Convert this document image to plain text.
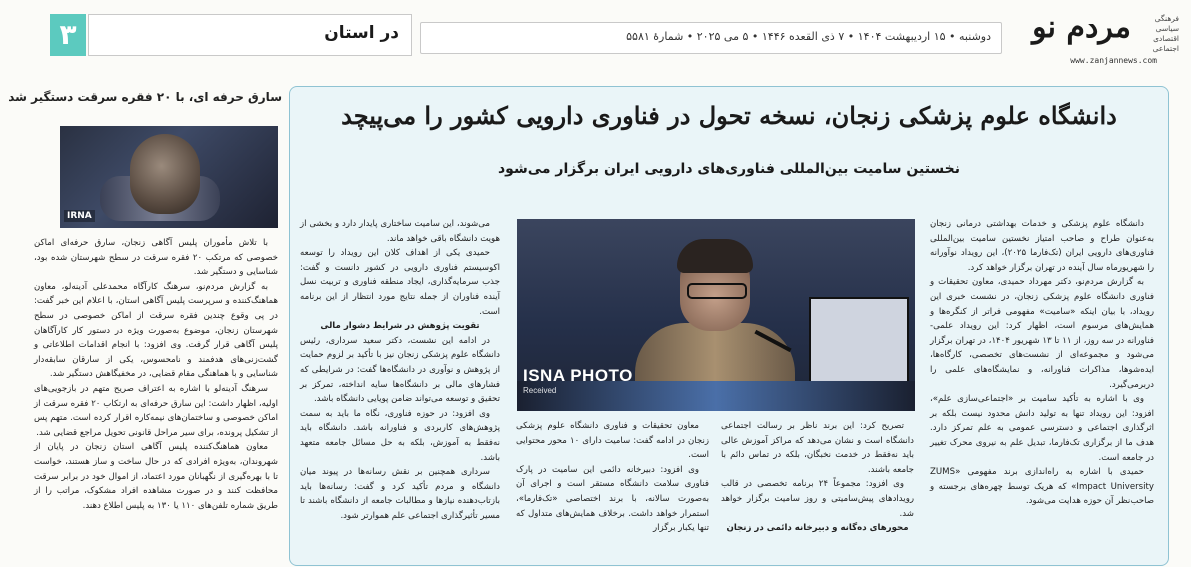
مردم نو	فرهنگی
سیاسی
اقتصادی
اجتماعی
www.zanjannews.com
دوشنبه • ۱۵ اردیبهشت ۱۴۰۴ • ۷ ذی القعده ۱۴۴۶ • ۵ می ۲۰۲۵ • شمارهٔ ۵۵۸۱
در استان
۳
سارق حرفه ای، با ۲۰ فقره سرقت دستگیر شد
IRNA

با تلاش مأموران پلیس آگاهی زنجان، سارق حرفه‌ای اماکن خصوصی که مرتکب ۲۰ فقره سرقت در سطح شهرستان شده بود، شناسایی و دستگیر شد.

به گزارش مردم‌نو، سرهنگ کارآگاه محمدعلی آدینه‌لو، معاون هماهنگ‌کننده و سرپرست پلیس آگاهی استان، با اعلام این خبر گفت: در پی وقوع چندین فقره سرقت از اماکن خصوصی در سطح شهرستان زنجان، موضوع به‌صورت ویژه در دستور کار کارآگاهان پلیس آگاهی قرار گرفت. وی افزود: با انجام اقدامات اطلاعاتی و گشت‌زنی‌های هدفمند و نامحسوس، یکی از سارقان سابقه‌دار شناسایی و با هماهنگی مقام قضایی، در مخفیگاهش دستگیر شد.

سرهنگ آدینه‌لو با اشاره به اعتراف صریح متهم در بازجویی‌های اولیه، اظهار داشت: این سارق حرفه‌ای به ارتکاب ۲۰ فقره سرقت از اماکن خصوصی و ساختمان‌های نیمه‌کاره اقرار کرده است. متهم پس از تشکیل پرونده، برای سیر مراحل قانونی تحویل مراجع قضایی شد.

معاون هماهنگ‌کننده پلیس آگاهی استان زنجان در پایان از شهروندان، به‌ویژه افرادی که در حال ساخت و ساز هستند، خواست تا با بهره‌گیری از نگهبانان مورد اعتماد، از اموال خود در برابر سرقت محافظت کنند و در صورت مشاهده افراد مشکوک، مراتب را از طریق شماره تلفن‌های ۱۱۰ یا ۱۳۰ به پلیس اطلاع دهند.

دانشگاه علوم پزشکی زنجان، نسخه تحول در فناوری دارویی کشور را می‌پیچد
نخستین سامیت بین‌المللی فناوری‌های دارویی ایران برگزار می‌شود

دانشگاه علوم پزشکی و خدمات بهداشتی درمانی زنجان به‌عنوان طراح و صاحب امتیاز نخستین سامیت بین‌المللی فناوری‌های دارویی ایران (تک‌فارما ۲۰۲۵)، این رویداد نوآورانه را شهریورماه سال آینده در تهران برگزار خواهد کرد.

به گزارش مردم‌نو، دکتر مهرداد حمیدی، معاون تحقیقات و فناوری دانشگاه علوم پزشکی زنجان، در نشست خبری این رویداد، با بیان اینکه «سامیت» مفهومی فراتر از کنگره‌ها و همایش‌های مرسوم است، اظهار کرد: این رویداد علمی-فناورانه در سه روز، از ۱۱ تا ۱۳ شهریور ۱۴۰۴، در تهران برگزار می‌شود و مجموعه‌ای از نشست‌های تخصصی، کارگاه‌ها، ایده‌شوها، مذاکرات فناورانه، و نمایشگاه‌های علمی را دربرمی‌گیرد.

وی با اشاره به تأکید سامیت بر «اجتماعی‌سازی علم»، افزود: این رویداد تنها به تولید دانش محدود نیست بلکه بر اثرگذاری اجتماعی و دسترسی عمومی به علم تمرکز دارد. هدف ما از برگزاری تک‌فارما، تبدیل علم به نیروی محرک تغییر در جامعه است.

حمیدی با اشاره به راه‌اندازی برند مفهومی «ZUMS Impact University» که هریک توسط چهره‌های برجسته و صاحب‌نظر آن حوزه هدایت می‌شود.

ISNA PHOTO
Received

تصریح کرد: این برند ناظر بر رسالت اجتماعی دانشگاه است و نشان می‌دهد که مراکز آموزش عالی باید نه‌فقط در خدمت نخبگان، بلکه در تماس دائم با جامعه باشند.

وی افزود: مجموعاً ۲۴ برنامه تخصصی در قالب رویدادهای پیش‌سامیتی و روز سامیت برگزار خواهد شد.

محورهای ده‌گانه و دبیرخانه دائمی در زنجان

معاون تحقیقات و فناوری دانشگاه علوم پزشکی زنجان در ادامه گفت: سامیت دارای ۱۰ محور محتوایی است.

وی افزود: دبیرخانه دائمی این سامیت در پارک فناوری سلامت دانشگاه مستقر است و اجرای آن به‌صورت سالانه، با برند اختصاصی «تک‌فارما»، استمرار خواهد داشت. برخلاف همایش‌های متداول که تنها یکبار برگزار

می‌شوند، این سامیت ساختاری پایدار دارد و بخشی از هویت دانشگاه باقی خواهد ماند.

حمیدی یکی از اهداف کلان این رویداد را توسعه اکوسیستم فناوری دارویی در کشور دانست و گفت: جذب سرمایه‌گذاری، ایجاد منطقه فناوری و تربیت نسل آینده فناوران از جمله نتایج مورد انتظار از این برنامه است.

تقویت پژوهش در شرایط دشوار مالی

در ادامه این نشست، دکتر سعید سرداری، رئیس دانشگاه علوم پزشکی زنجان نیز با تأکید بر لزوم حمایت از پژوهش و نوآوری در دانشگاه‌ها گفت: در شرایطی که فشارهای مالی بر دانشگاه‌ها سایه انداخته، تمرکز بر تحقیق و توسعه می‌تواند ضامن پویایی دانشگاه باشد.

وی افزود: در حوزه فناوری، نگاه ما باید به سمت پژوهش‌های کاربردی و فناورانه باشد. دانشگاه باید نه‌فقط به آموزش، بلکه به حل مسائل جامعه متعهد باشد.

سرداری همچنین بر نقش رسانه‌ها در پیوند میان دانشگاه و مردم تأکید کرد و گفت: رسانه‌ها باید بازتاب‌دهنده نیازها و مطالبات جامعه از دانشگاه باشند تا مسیر تأثیرگذاری اجتماعی علم هموارتر شود.
